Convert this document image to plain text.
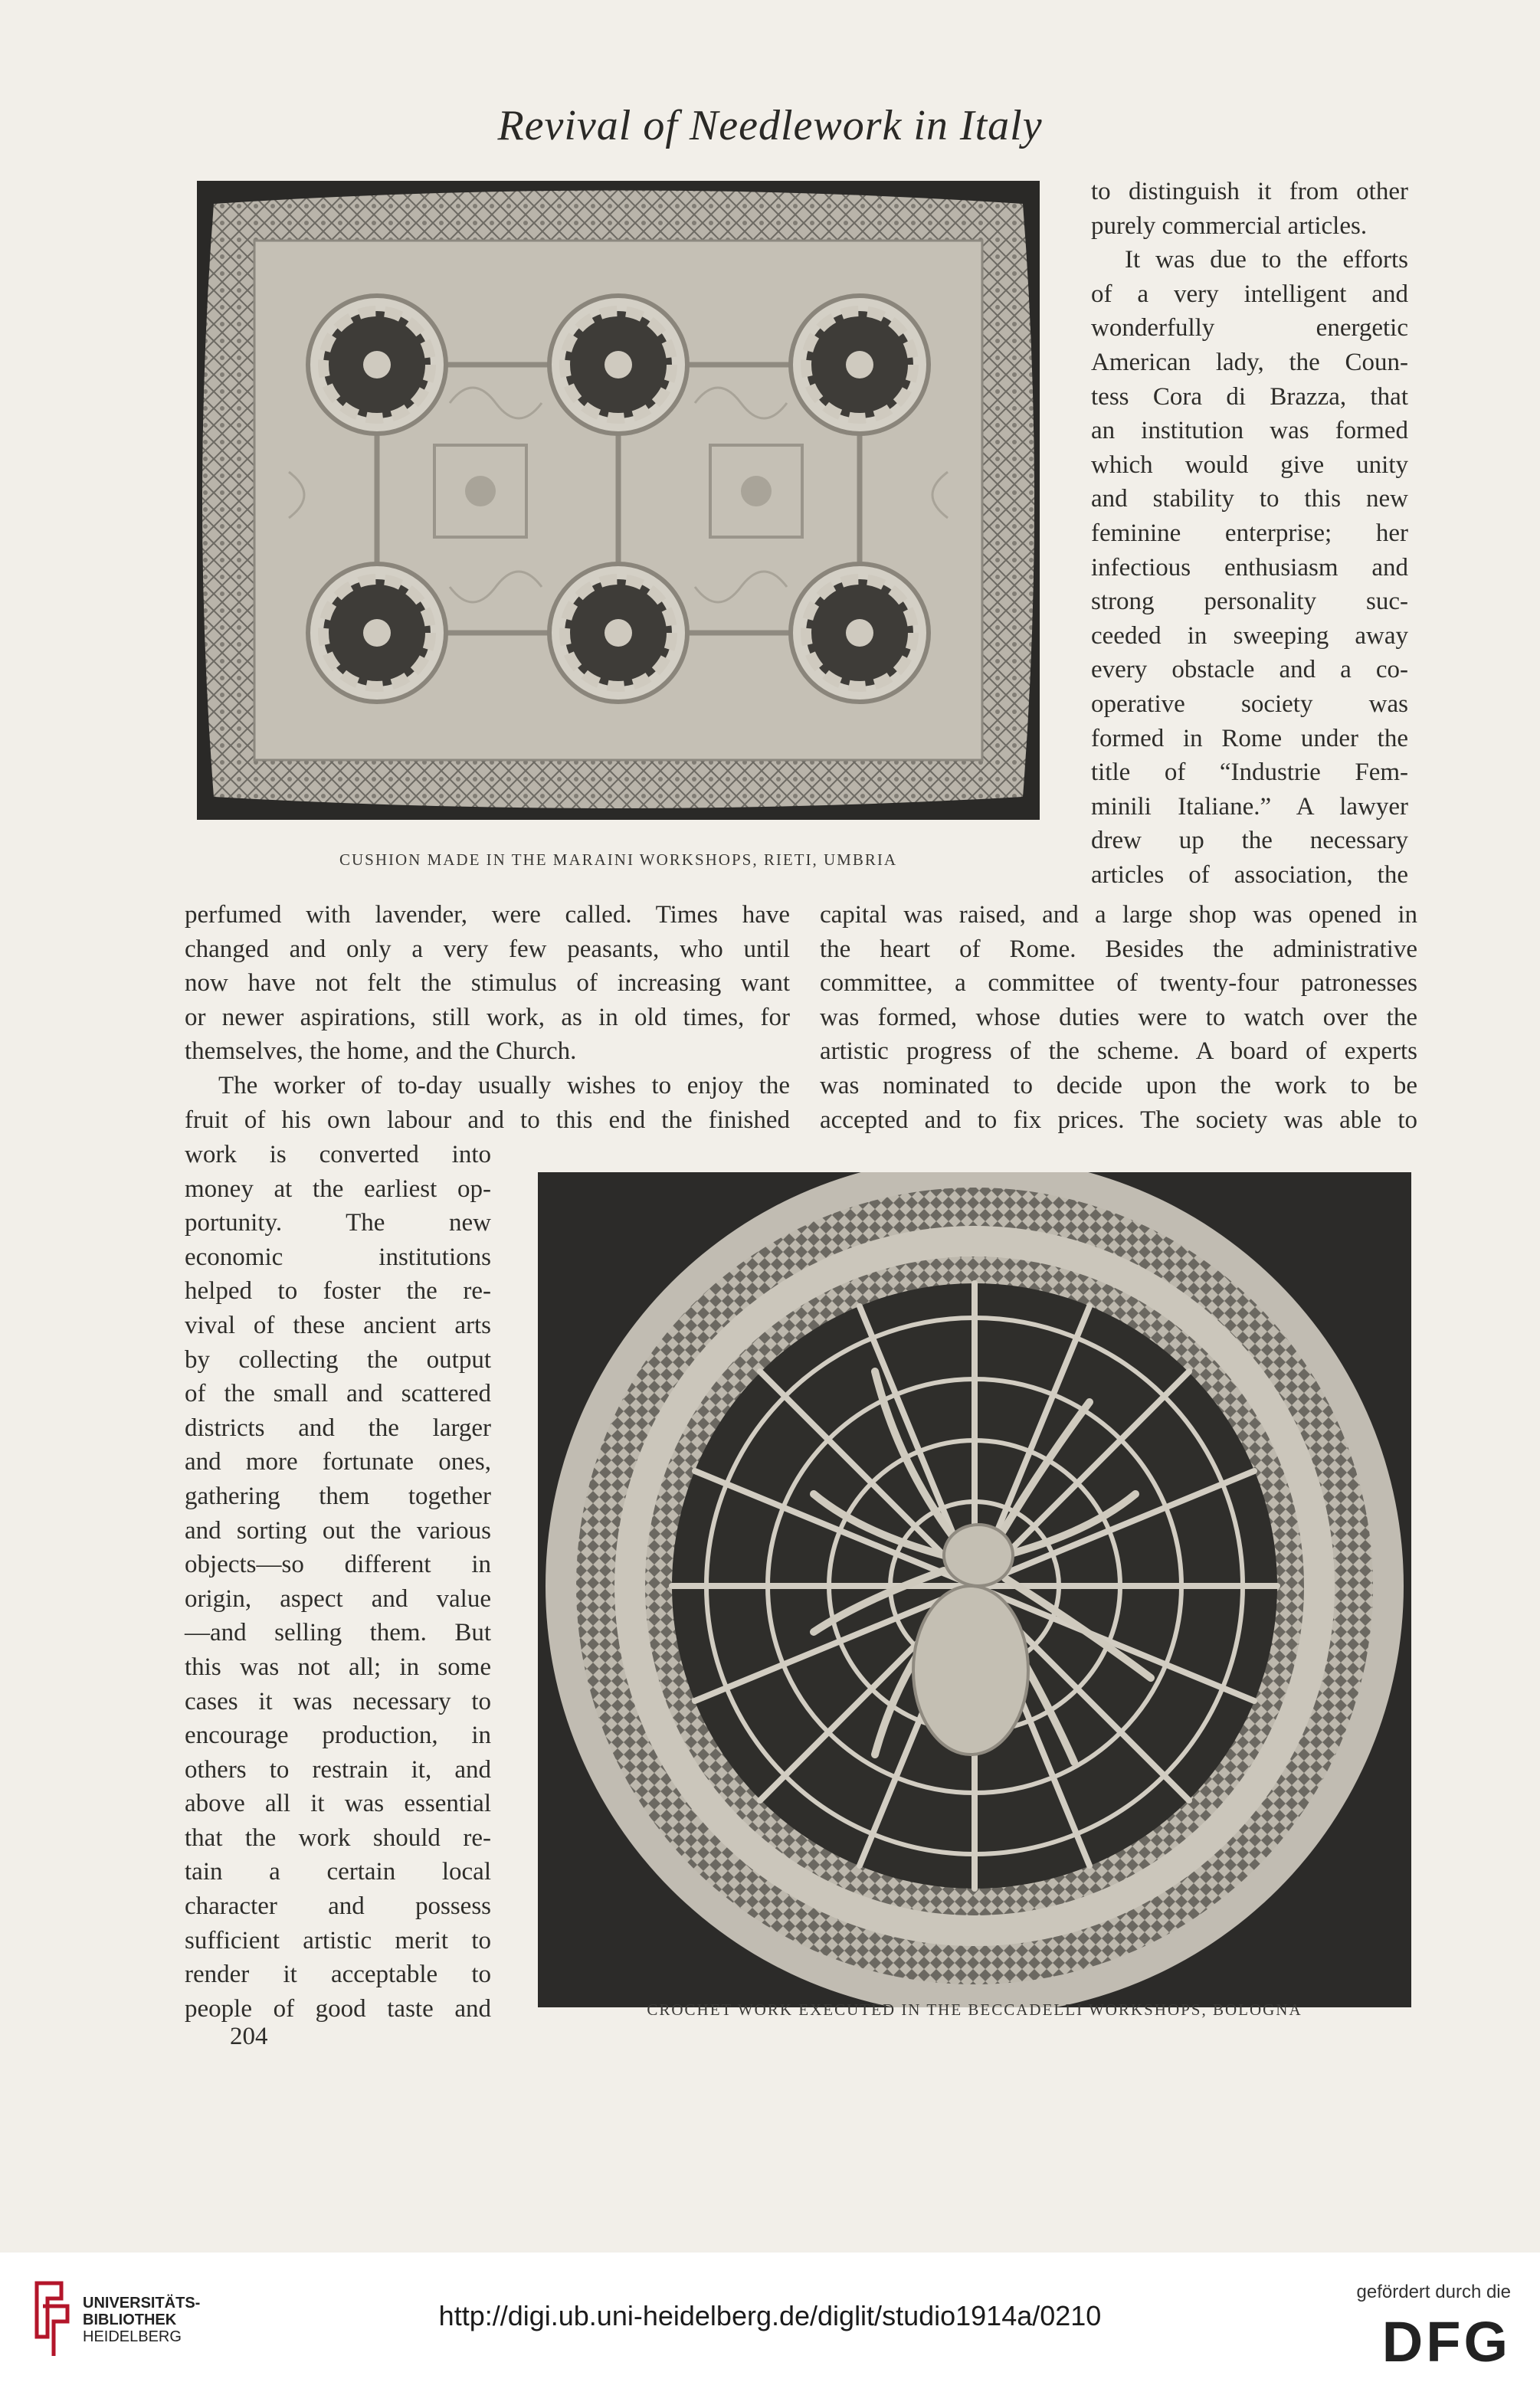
Revival of Needlework in Italy
CUSHION MADE IN THE MARAINI WORKSHOPS, RIETI, UMBRIA
to distinguish it from other
purely commercial articles.
It was due to the efforts
of a very intelligent and
wonderfully energetic
American lady, the Coun-
tess Cora di Brazza, that
an institution was formed
which would give unity
and stability to this new
feminine enterprise; her
infectious enthusiasm and
strong personality suc-
ceeded in sweeping away
every obstacle and a co-
operative society was
formed in Rome under the
title of “Industrie Fem-
minili Italiane.” A lawyer
drew up the necessary
articles of association, the
perfumed with lavender, were called. Times have
changed and only a very few peasants, who until
now have not felt the stimulus of increasing want
or newer aspirations, still work, as in old times, for
themselves, the home, and the Church.
The worker of to-day usually wishes to enjoy the
fruit of his own labour and to this end the finished
capital was raised, and a large shop was opened in
the heart of Rome. Besides the administrative
committee, a committee of twenty-four patronesses
was formed, whose duties were to watch over the
artistic progress of the scheme. A board of experts
was nominated to decide upon the work to be
accepted and to fix prices. The society was able to
work is converted into
money at the earliest op-
portunity. The new
economic institutions
helped to foster the re-
vival of these ancient arts
by collecting the output
of the small and scattered
districts and the larger
and more fortunate ones,
gathering them together
and sorting out the various
objects—so different in
origin, aspect and value
—and selling them. But
this was not all; in some
cases it was necessary to
encourage production, in
others to restrain it, and
above all it was essential
that the work should re-
tain a certain local
character and possess
sufficient artistic merit to
render it acceptable to
people of good taste and	CROCHET WORK EXECUTED IN THE BECCADELLI WORKSHOPS, BOLOGNA
204
UNIVERSITÄTS-
BIBLIOTHEK
HEIDELBERG
http://digi.ub.uni-heidelberg.de/diglit/studio1914a/0210
gefördert durch die
DFG
